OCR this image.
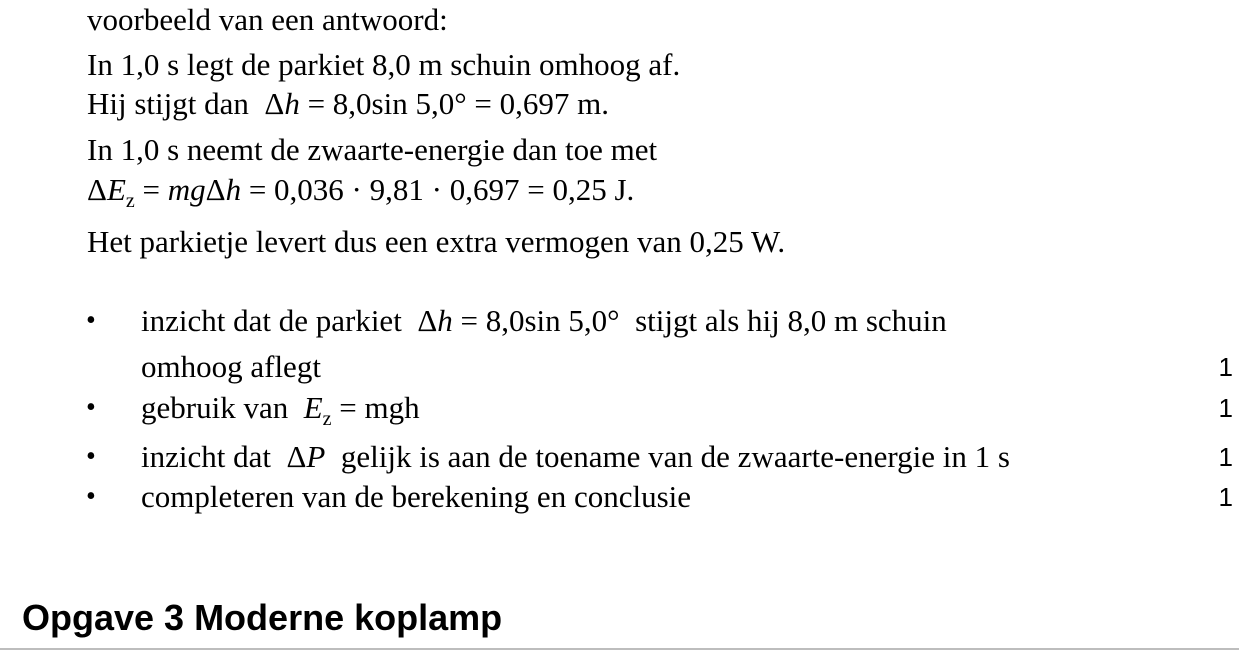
voorbeeld van een antwoord:
In 1,0 s legt de parkiet 8,0 m schuin omhoog af.
Hij stijgt dan  Δh = 8,0sin 5,0° = 0,697 m.
In 1,0 s neemt de zwaarte-energie dan toe met
$\Delta E_z = mg\Delta h = 0,036 \cdot 9,81 \cdot 0,697 = 0,25$ J.
Het parkietje levert dus een extra vermogen van 0,25 W.
• inzicht dat de parkiet  Δh = 8,0sin 5,0° stijgt als hij 8,0 m schuin
omhoog aflegt	1
• gebruik van $E_z$ = mgh	1
• inzicht dat  ΔP gelijk is aan de toename van de zwaarte-energie in 1 s	1
• completeren van de berekening en conclusie	1
Opgave 3 Moderne koplamp
